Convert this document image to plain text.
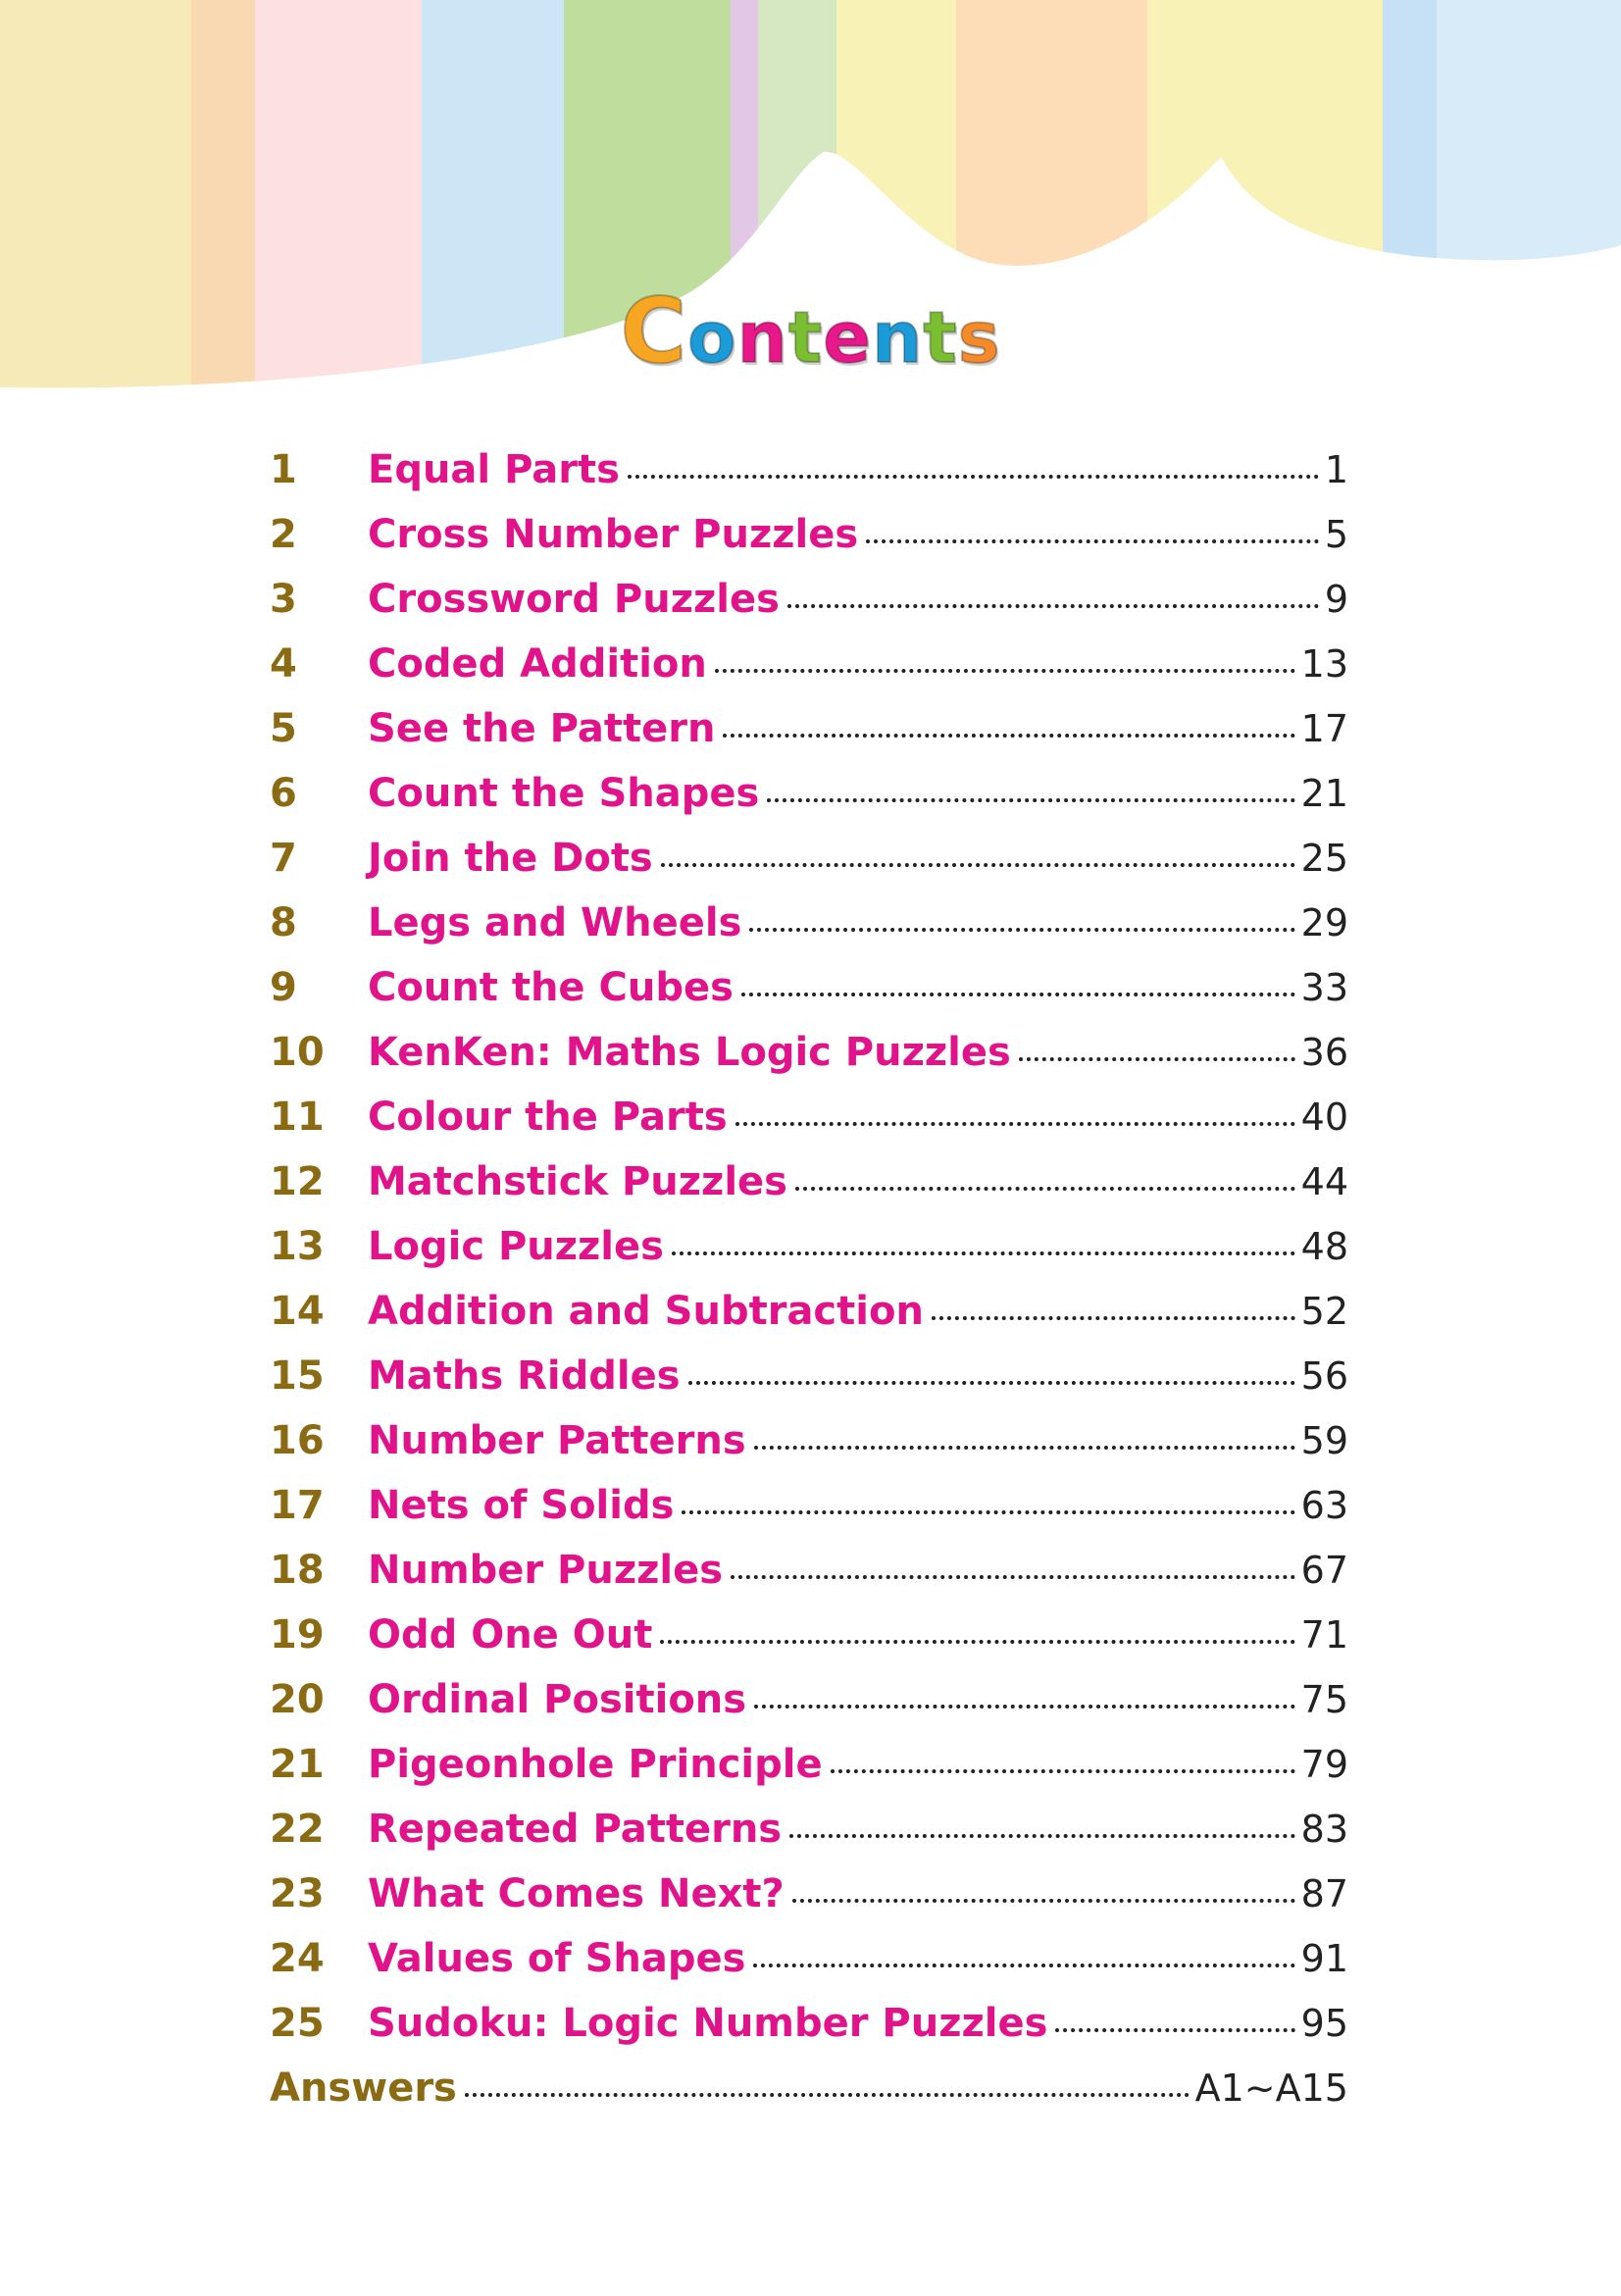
Contents
1	Equal Parts	1
2	Cross Number Puzzles	5
3	Crossword Puzzles	9
4	Coded Addition	13
5	See the Pattern	17
6	Count the Shapes	21
7	Join the Dots	25
8	Legs and Wheels	29
9	Count the Cubes	33
10	KenKen: Maths Logic Puzzles	36
11	Colour the Parts	40
12	Matchstick Puzzles	44
13	Logic Puzzles	48
14	Addition and Subtraction	52
15	Maths Riddles	56
16	Number Patterns	59
17	Nets of Solids	63
18	Number Puzzles	67
19	Odd One Out	71
20	Ordinal Positions	75
21	Pigeonhole Principle	79
22	Repeated Patterns	83
23	What Comes Next?	87
24	Values of Shapes	91
25	Sudoku: Logic Number Puzzles	95
Answers	A1~A15
